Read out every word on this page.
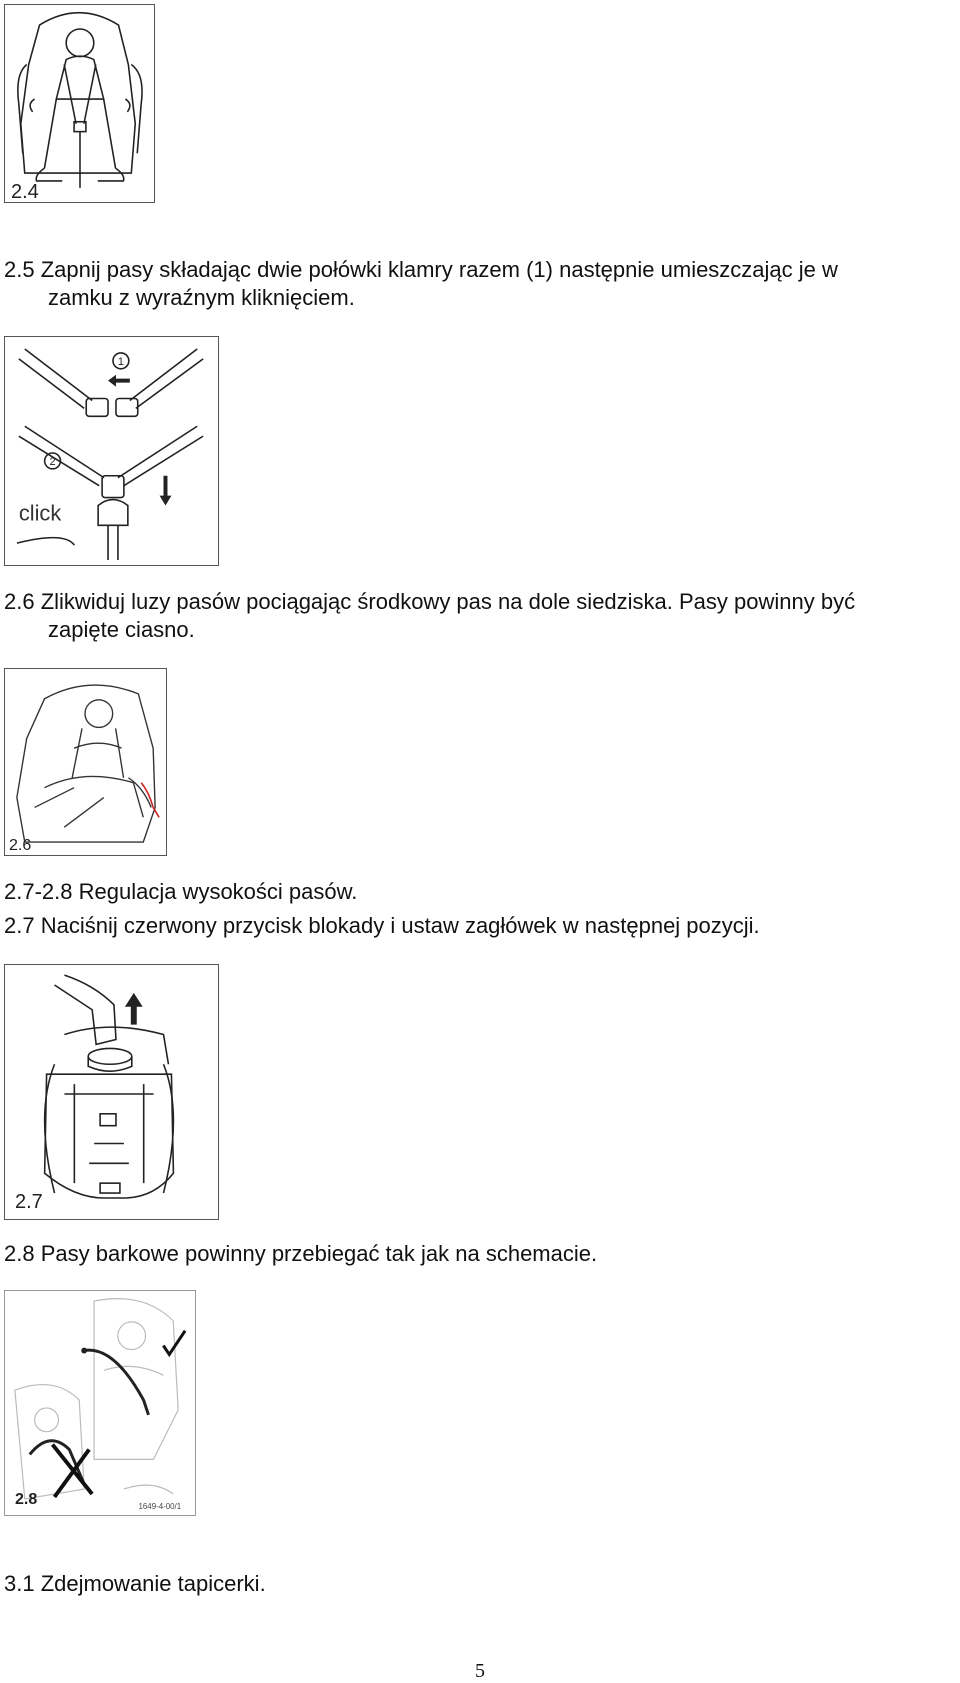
2.4

2.5 Zapnij pasy składając dwie połówki klamry razem (1) następnie umieszczając je w
zamku z wyraźnym kliknięciem.

1
2
click

2.6 Zlikwiduj luzy pasów pociągając środkowy pas na dole siedziska. Pasy powinny być
zapięte ciasno.

2.6

2.7-2.8 Regulacja wysokości pasów.

2.7 Naciśnij czerwony przycisk blokady i ustaw zagłówek w następnej pozycji.

2.7

2.8 Pasy barkowe powinny przebiegać tak jak na schemacie.

1649-4-00/1
2.8

3.1 Zdejmowanie tapicerki.

5
